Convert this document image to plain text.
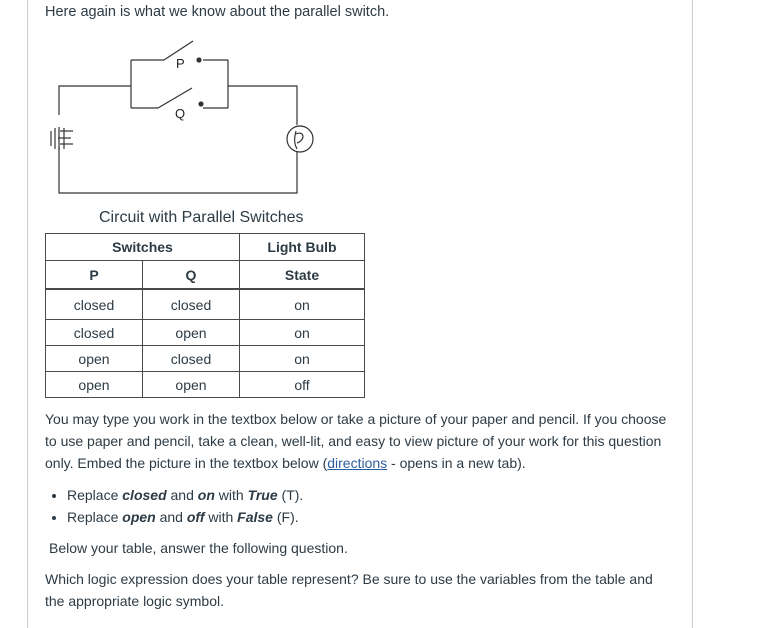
Here again is what we know about the parallel switch.

P
Q

Circuit with Parallel Switches

Switches		Light Bulb
P	Q	State
closed	closed	on
closed	open	on
open	closed	on
open	open	off

You may type you work in the textbox below or take a picture of your paper and pencil. If you choose to use paper and pencil, take a clean, well-lit, and easy to view picture of your work for this question only. Embed the picture in the textbox below (directions - opens in a new tab).

• Replace closed and on with True (T).
• Replace open and off with False (F).

Below your table, answer the following question.

Which logic expression does your table represent? Be sure to use the variables from the table and the appropriate logic symbol.
